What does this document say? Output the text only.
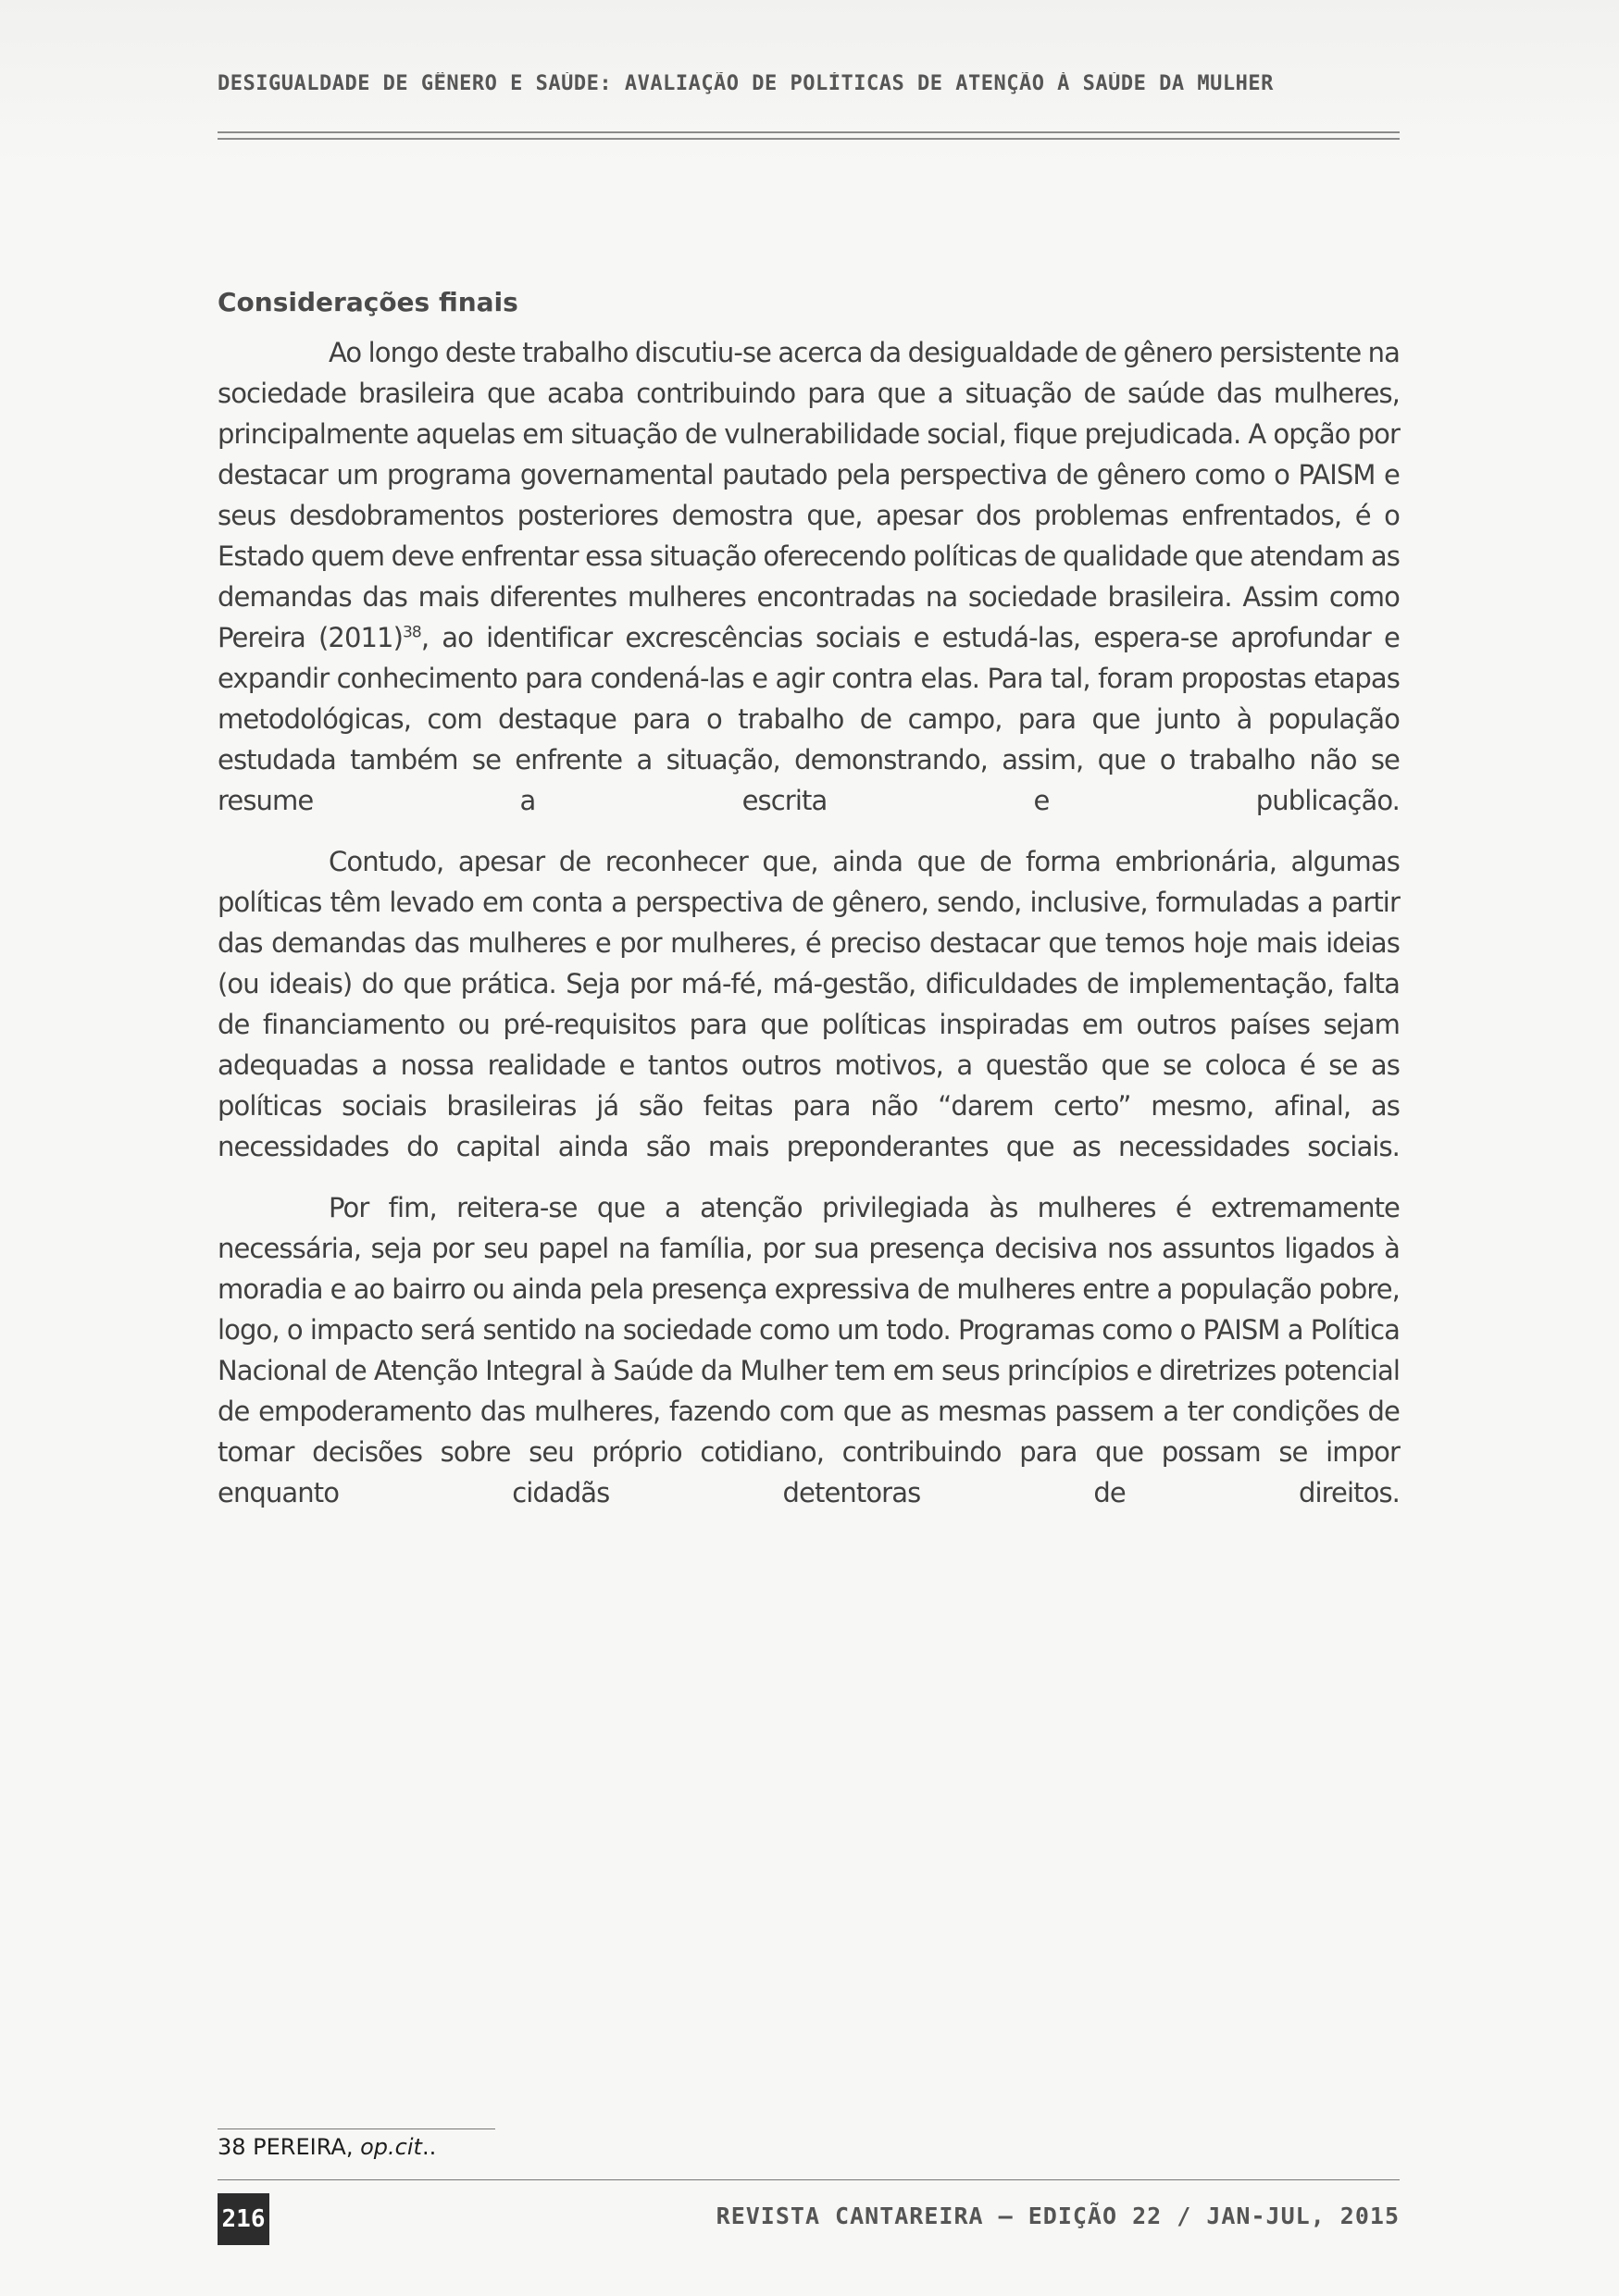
DESIGUALDADE DE GÊNERO E SAÚDE: AVALIAÇÃO DE POLÍTICAS DE ATENÇÃO À SAÚDE DA MULHER
Considerações finais

Ao longo deste trabalho discutiu-se acerca da desigualdade de gênero persistente na sociedade brasileira que acaba contribuindo para que a situação de saúde das mulheres, principalmente aquelas em situação de vulnerabilidade social, fique prejudicada. A opção por destacar um programa governamental pautado pela perspectiva de gênero como o PAISM e seus desdobramentos posteriores demostra que, apesar dos problemas enfrentados, é o Estado quem deve enfrentar essa situação oferecendo políticas de qualidade que atendam as demandas das mais diferentes mulheres encontradas na sociedade brasileira. Assim como Pereira $(2011)^{38}$, ao identificar excrescências sociais e estudá-las, espera-se aprofundar e expandir conhecimento para condená-las e agir contra elas. Para tal, foram propostas etapas metodológicas, com destaque para o trabalho de campo, para que junto à população estudada também se enfrente a situação, demonstrando, assim, que o trabalho não se resume a escrita e publicação.

Contudo, apesar de reconhecer que, ainda que de forma embrionária, algumas políticas têm levado em conta a perspectiva de gênero, sendo, inclusive, formuladas a partir das demandas das mulheres e por mulheres, é preciso destacar que temos hoje mais ideias (ou ideais) do que prática. Seja por má-fé, má-gestão, dificuldades de implementação, falta de financiamento ou pré-requisitos para que políticas inspiradas em outros países sejam adequadas a nossa realidade e tantos outros motivos, a questão que se coloca é se as políticas sociais brasileiras já são feitas para não “darem certo” mesmo, afinal, as necessidades do capital ainda são mais preponderantes que as necessidades sociais.

Por fim, reitera-se que a atenção privilegiada às mulheres é extremamente necessária, seja por seu papel na família, por sua presença decisiva nos assuntos ligados à moradia e ao bairro ou ainda pela presença expressiva de mulheres entre a população pobre, logo, o impacto será sentido na sociedade como um todo. Programas como o PAISM a Política Nacional de Atenção Integral à Saúde da Mulher tem em seus princípios e diretrizes potencial de empoderamento das mulheres, fazendo com que as mesmas passem a ter condições de tomar decisões sobre seu próprio cotidiano, contribuindo para que possam se impor enquanto cidadãs detentoras de direitos.

38 PEREIRA, op.cit..
216	REVISTA CANTAREIRA – EDIÇÃO 22 / JAN-JUL, 2015
